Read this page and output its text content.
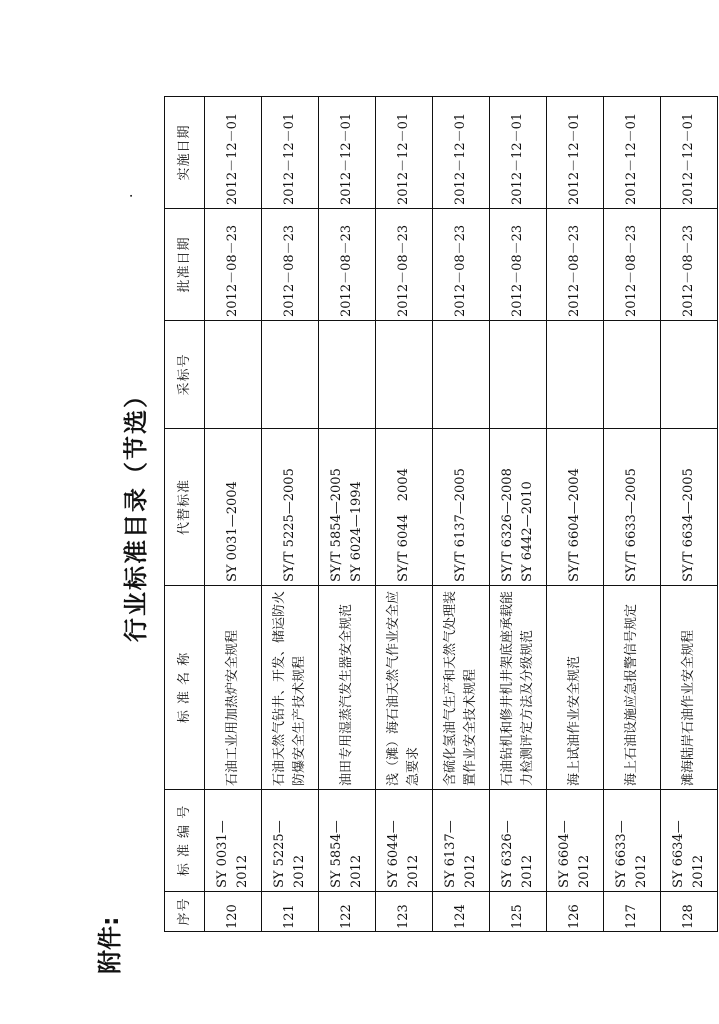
附件:
·
行业标准目录（节选）
序号	标 准 编 号	标 准 名 称	代替标准	采标号	批准日期	实施日期
120	SY 0031—2012	石油工业用加热炉安全规程	SY 0031—2004		2012－08－23	2012－12－01
121	SY 5225—2012	石油天然气钻井、开发、储运防火防爆安全生产技术规程	SY/T 5225—2005		2012－08－23	2012－12－01
122	SY 5854—2012	油田专用湿蒸汽发生器安全规范	SY/T 5854—2005 SY 6024—1994		2012－08－23	2012－12－01
123	SY 6044—2012	浅（滩）海石油天然气作业安全应急要求	SY/T 6044　2004		2012－08－23	2012－12－01
124	SY 6137—2012	含硫化氢油气生产和天然气处理装置作业安全技术规程	SY/T 6137—2005		2012－08－23	2012－12－01
125	SY 6326—2012	石油钻机和修井机井架底座承载能力检测评定方法及分级规范	SY/T 6326—2008 SY 6442—2010		2012－08－23	2012－12－01
126	SY 6604—2012	海上试油作业安全规范	SY/T 6604—2004		2012－08－23	2012－12－01
127	SY 6633—2012	海上石油设施应急报警信号规定	SY/T 6633—2005		2012－08－23	2012－12－01
128	SY 6634—2012	滩海陆岸石油作业安全规程	SY/T 6634—2005		2012－08－23	2012－12－01
